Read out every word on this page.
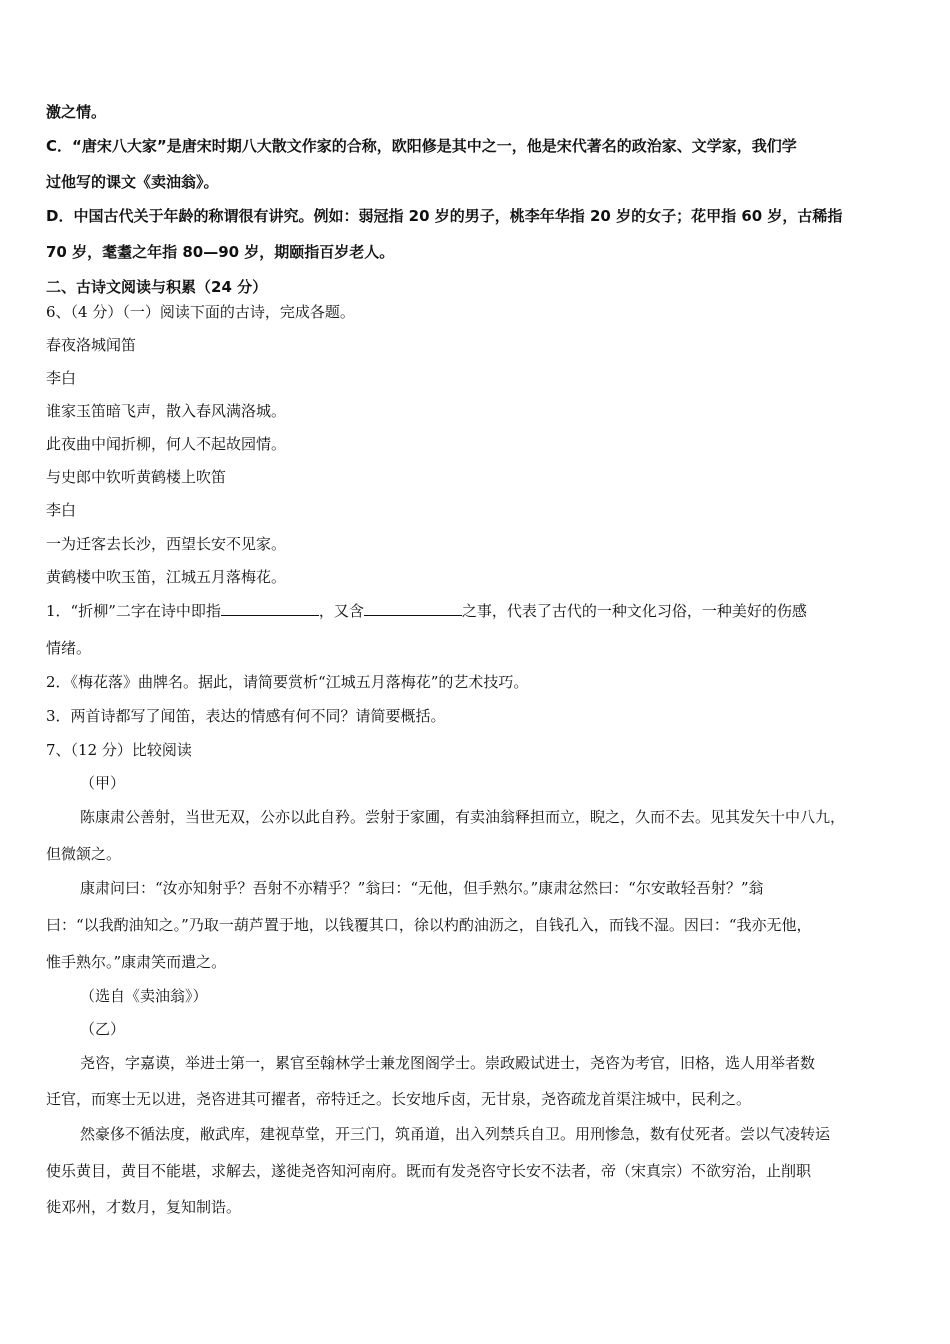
激之情。
C．“唐宋八大家”是唐宋时期八大散文作家的合称，欧阳修是其中之一，他是宋代著名的政治家、文学家，我们学
过他写的课文《卖油翁》。
D．中国古代关于年龄的称谓很有讲究。例如：弱冠指 20 岁的男子，桃李年华指 20 岁的女子；花甲指 60 岁，古稀指
70 岁，耄耋之年指 80—90 岁，期颐指百岁老人。
二、古诗文阅读与积累（24 分）
6、（4 分）（一）阅读下面的古诗，完成各题。
春夜洛城闻笛
李白
谁家玉笛暗飞声，散入春风满洛城。
此夜曲中闻折柳，何人不起故园情。
与史郎中钦听黄鹤楼上吹笛
李白
一为迁客去长沙，西望长安不见家。
黄鹤楼中吹玉笛，江城五月落梅花。
1．“折柳”二字在诗中即指	，又含	之事，代表了古代的一种文化习俗，一种美好的伤感
情绪。
2．《梅花落》曲牌名。据此，请简要赏析“江城五月落梅花”的艺术技巧。
3．两首诗都写了闻笛，表达的情感有何不同？请简要概括。
7、（12 分）比较阅读
（甲）
陈康肃公善射，当世无双，公亦以此自矜。尝射于家圃，有卖油翁释担而立，睨之，久而不去。见其发矢十中八九，
但微颔之。
康肃问曰：“汝亦知射乎？吾射不亦精乎？”翁曰：“无他，但手熟尔。”康肃忿然曰：“尔安敢轻吾射？”翁
曰：“以我酌油知之。”乃取一葫芦置于地，以钱覆其口，徐以杓酌油沥之，自钱孔入，而钱不湿。因曰：“我亦无他，
惟手熟尔。”康肃笑而遣之。
（选自《卖油翁》）
（乙）
尧咨，字嘉谟，举进士第一，累官至翰林学士兼龙图阁学士。崇政殿试进士，尧咨为考官，旧格，选人用举者数
迁官，而寒士无以进，尧咨进其可擢者，帝特迁之。长安地斥卤，无甘泉，尧咨疏龙首渠注城中，民利之。
然豪侈不循法度，敝武库，建视草堂，开三门，筑甬道，出入列禁兵自卫。用刑惨急，数有仗死者。尝以气凌转运
使乐黄目，黄目不能堪，求解去，遂徙尧咨知河南府。既而有发尧咨守长安不法者，帝（宋真宗）不欲穷治，止削职
徙邓州，才数月，复知制诰。
